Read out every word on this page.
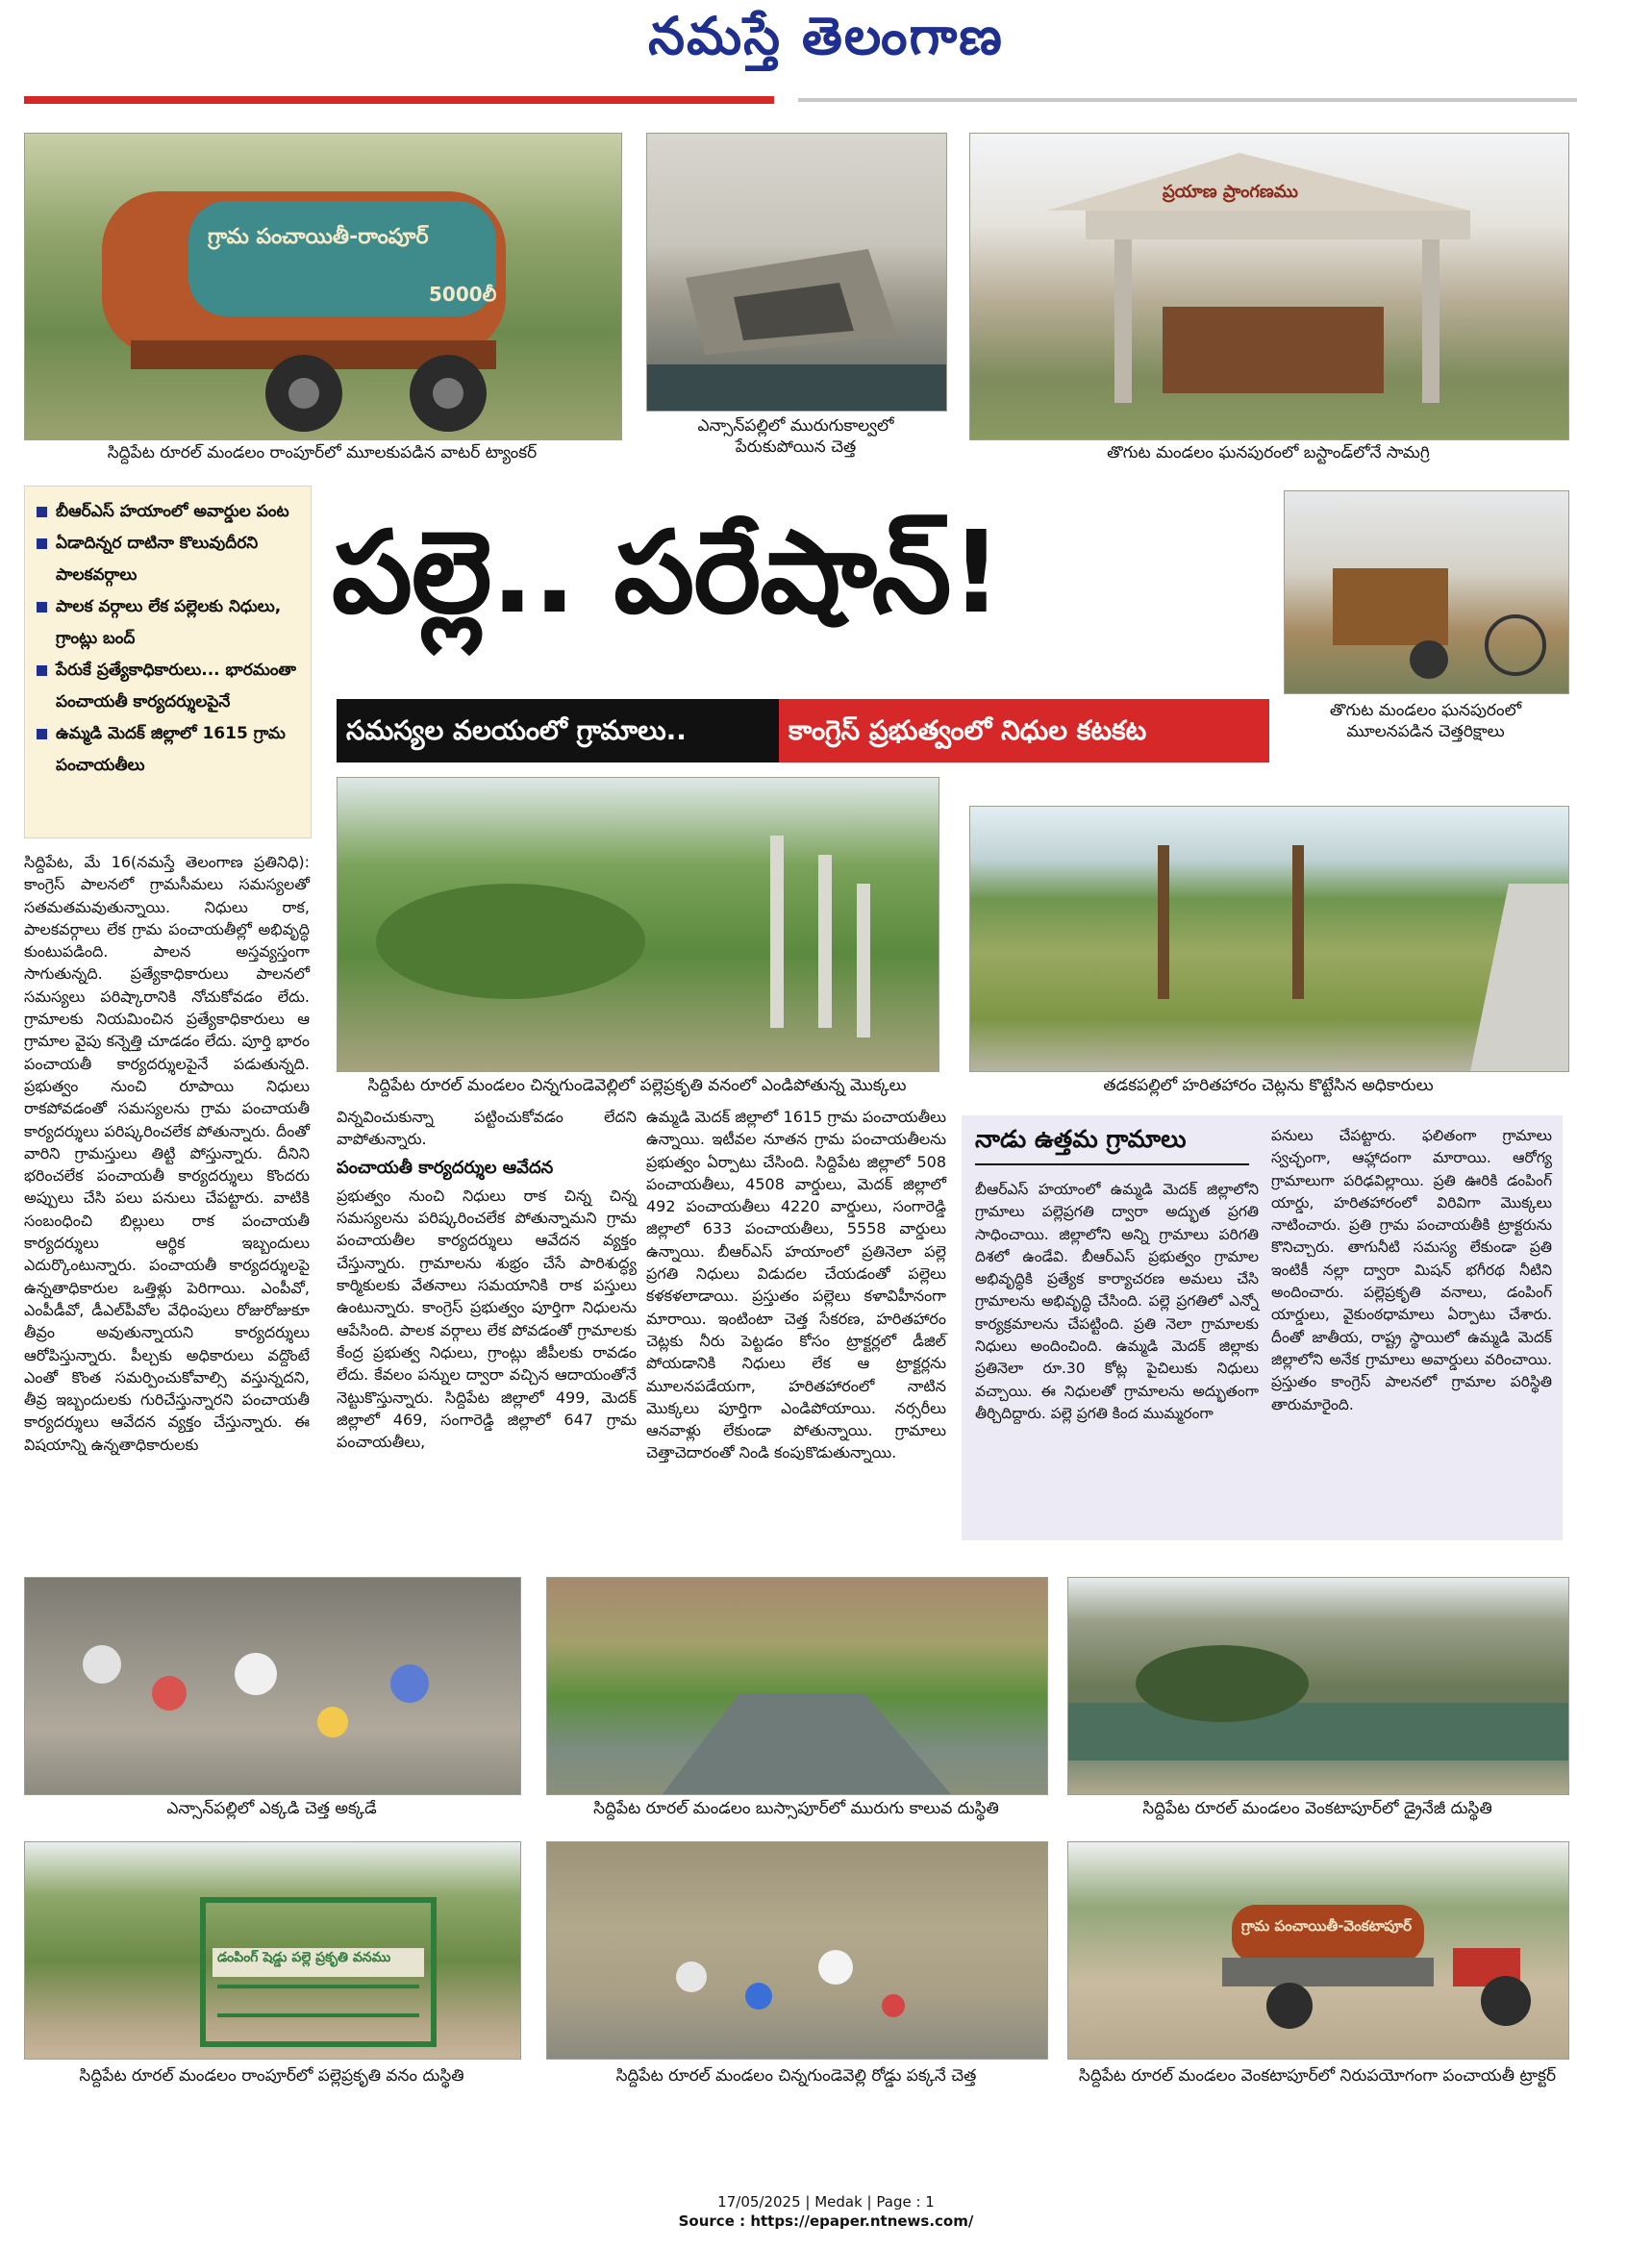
నమస్తే తెలంగాణ
గ్రామ పంచాయితీ-రాంపూర్
5000లీ
సిద్దిపేట రూరల్ మండలం రాంపూర్‌లో మూలకుపడిన వాటర్ ట్యాంకర్
ఎన్సాన్‌పల్లిలో మురుగుకాల్వలో
పేరుకుపోయిన చెత్త
ప్రయాణ ప్రాంగణము
తొగుట మండలం ఘనపురంలో బస్టాండ్‌లోనే సామగ్రి
బీఆర్ఎస్ హయాంలో అవార్డుల పంట
ఏడాదిన్నర దాటినా కొలువుదీరని పాలకవర్గాలు
పాలక వర్గాలు లేక పల్లెలకు నిధులు, గ్రాంట్లు బంద్
పేరుకే ప్రత్యేకాధికారులు... భారమంతా పంచాయతీ కార్యదర్శులపైనే
ఉమ్మడి మెదక్ జిల్లాలో 1615 గ్రామ పంచాయతీలు
పల్లె.. పరేషాన్!
సమస్యల వలయంలో గ్రామాలు..	కాంగ్రెస్ ప్రభుత్వంలో నిధుల కటకట
తొగుట మండలం ఘనపురంలో
మూలనపడిన చెత్తరిక్షాలు
సిద్దిపేట రూరల్ మండలం చిన్నగుండెవెల్లిలో పల్లెప్రకృతి వనంలో ఎండిపోతున్న మొక్కలు	తడకపల్లిలో హరితహారం చెట్లను కొట్టేసిన అధికారులు

సిద్దిపేట, మే 16(నమస్తే తెలంగాణ ప్రతినిధి): కాంగ్రెస్ పాలనలో గ్రామసీమలు సమస్యలతో సతమతమవుతున్నాయి. నిధులు రాక, పాలకవర్గాలు లేక గ్రామ పంచాయతీల్లో అభివృద్ధి కుంటుపడింది. పాలన అస్తవ్యస్తంగా సాగుతున్నది. ప్రత్యేకాధికారులు పాలనలో సమస్యలు పరిష్కారానికి నోచుకోవడం లేదు. గ్రామాలకు నియమించిన ప్రత్యేకాధికారులు ఆ గ్రామాల వైపు కన్నెత్తి చూడడం లేదు. పూర్తి భారం పంచాయతీ కార్యదర్శులపైనే పడుతున్నది. ప్రభుత్వం నుంచి రూపాయి నిధులు రాకపోవడంతో సమస్యలను గ్రామ పంచాయతీ కార్యదర్శులు పరిష్కరించలేక పోతున్నారు. దీంతో వారిని గ్రామస్తులు తిట్టి పోస్తున్నారు. దీనిని భరించలేక పంచాయతీ కార్యదర్శులు కొందరు అప్పులు చేసి పలు పనులు చేపట్టారు. వాటికి సంబంధించి బిల్లులు రాక పంచాయతీ కార్యదర్శులు ఆర్థిక ఇబ్బందులు ఎదుర్కొంటున్నారు. పంచాయతీ కార్యదర్శులపై ఉన్నతాధికారుల ఒత్తిళ్లు పెరిగాయి. ఎంపీవో, ఎంపీడీవో, డీఎల్‌పీవోల వేధింపులు రోజురోజుకూ తీవ్రం అవుతున్నాయని కార్యదర్శులు ఆరోపిస్తున్నారు. పీల్చకు అధికారులు వద్దొంటే ఎంతో కొంత సమర్పించుకోవాల్సి వస్తున్నదని, తీవ్ర ఇబ్బందులకు గురిచేస్తున్నారని పంచాయతీ కార్యదర్శులు ఆవేదన వ్యక్తం చేస్తున్నారు. ఈ విషయాన్ని ఉన్నతాధికారులకు

విన్నవించుకున్నా పట్టించుకోవడం లేదని వాపోతున్నారు.

పంచాయతీ కార్యదర్శుల ఆవేదన

ప్రభుత్వం నుంచి నిధులు రాక చిన్న చిన్న సమస్యలను పరిష్కరించలేక పోతున్నామని గ్రామ పంచాయతీల కార్యదర్శులు ఆవేదన వ్యక్తం చేస్తున్నారు. గ్రామాలను శుభ్రం చేసే పారిశుద్ధ్య కార్మికులకు వేతనాలు సమయానికి రాక పస్తులు ఉంటున్నారు. కాంగ్రెస్ ప్రభుత్వం పూర్తిగా నిధులను ఆపేసింది. పాలక వర్గాలు లేక పోవడంతో గ్రామాలకు కేంద్ర ప్రభుత్వ నిధులు, గ్రాంట్లు జీపీలకు రావడం లేదు. కేవలం పన్నుల ద్వారా వచ్చిన ఆదాయంతోనే నెట్టుకొస్తున్నారు. సిద్దిపేట జిల్లాలో 499, మెదక్ జిల్లాలో 469, సంగారెడ్డి జిల్లాలో 647 గ్రామ పంచాయతీలు,

ఉమ్మడి మెదక్ జిల్లాలో 1615 గ్రామ పంచాయతీలు ఉన్నాయి. ఇటీవల నూతన గ్రామ పంచాయతీలను ప్రభుత్వం ఏర్పాటు చేసింది. సిద్దిపేట జిల్లాలో 508 పంచాయతీలు, 4508 వార్డులు, మెదక్ జిల్లాలో 492 పంచాయతీలు 4220 వార్డులు, సంగారెడ్డి జిల్లాలో 633 పంచాయతీలు, 5558 వార్డులు ఉన్నాయి. బీఆర్ఎస్ హయాంలో ప్రతినెలా పల్లె ప్రగతి నిధులు విడుదల చేయడంతో పల్లెలు కళకళలాడాయి. ప్రస్తుతం పల్లెలు కళావిహీనంగా మారాయి. ఇంటింటా చెత్త సేకరణ, హరితహారం చెట్లకు నీరు పెట్టడం కోసం ట్రాక్టర్లలో డీజిల్ పోయడానికి నిధులు లేక ఆ ట్రాక్టర్లను మూలనపడేయగా, హరితహారంలో నాటిన మొక్కలు పూర్తిగా ఎండిపోయాయి. నర్సరీలు ఆనవాళ్లు లేకుండా పోతున్నాయి. గ్రామాలు చెత్తాచెదారంతో నిండి కంపుకొడుతున్నాయి.

నాడు ఉత్తమ గ్రామాలు
బీఆర్ఎస్ హయాంలో ఉమ్మడి మెదక్ జిల్లాలోని గ్రామాలు పల్లెప్రగతి ద్వారా అద్భుత ప్రగతి సాధించాయి. జిల్లాలోని అన్ని గ్రామాలు పరిగతి దిశలో ఉండేవి. బీఆర్ఎస్ ప్రభుత్వం గ్రామాల అభివృద్ధికి ప్రత్యేక కార్యాచరణ అమలు చేసి గ్రామాలను అభివృద్ధి చేసింది. పల్లె ప్రగతిలో ఎన్నో కార్యక్రమాలను చేపట్టింది. ప్రతి నెలా గ్రామాలకు నిధులు అందించింది. ఉమ్మడి మెదక్ జిల్లాకు ప్రతినెలా రూ.30 కోట్ల పైచిలుకు నిధులు వచ్చాయి. ఈ నిధులతో గ్రామాలను అద్భుతంగా తీర్చిదిద్దారు. పల్లె ప్రగతి కింద ముమ్మరంగా
పనులు చేపట్టారు. ఫలితంగా గ్రామాలు స్వచ్ఛంగా, ఆహ్లాదంగా మారాయి. ఆరోగ్య గ్రామాలుగా పరిఢవిల్లాయి. ప్రతి ఊరికి డంపింగ్ యార్డు, హరితహారంలో విరివిగా మొక్కలు నాటించారు. ప్రతి గ్రామ పంచాయతీకి ట్రాక్టరును కొనిచ్చారు. తాగునీటి సమస్య లేకుండా ప్రతి ఇంటికీ నల్లా ద్వారా మిషన్ భగీరథ నీటిని అందించారు. పల్లెప్రకృతి వనాలు, డంపింగ్ యార్డులు, వైకుంఠధామాలు ఏర్పాటు చేశారు. దీంతో జాతీయ, రాష్ట్ర స్థాయిలో ఉమ్మడి మెదక్ జిల్లాలోని అనేక గ్రామాలు అవార్డులు వరించాయి. ప్రస్తుతం కాంగ్రెస్ పాలనలో గ్రామాల పరిస్థితి తారుమారైంది.
ఎన్సాన్‌పల్లిలో ఎక్కడి చెత్త అక్కడే	సిద్దిపేట రూరల్ మండలం బుస్సాపూర్‌లో మురుగు కాలువ దుస్థితి	సిద్దిపేట రూరల్ మండలం వెంకటాపూర్‌లో డ్రైనేజీ దుస్థితి
డంపింగ్ షెడ్డు పల్లె ప్రకృతి వనము
సిద్దిపేట రూరల్ మండలం రాంపూర్‌లో పల్లెప్రకృతి వనం దుస్థితి	సిద్దిపేట రూరల్ మండలం చిన్నగుండెవెల్లి రోడ్డు పక్కనే చెత్త
గ్రామ పంచాయితీ-వెంకటాపూర్
సిద్దిపేట రూరల్ మండలం వెంకటాపూర్‌లో నిరుపయోగంగా పంచాయతీ ట్రాక్టర్
17/05/2025 | Medak | Page : 1
Source : https://epaper.ntnews.com/
